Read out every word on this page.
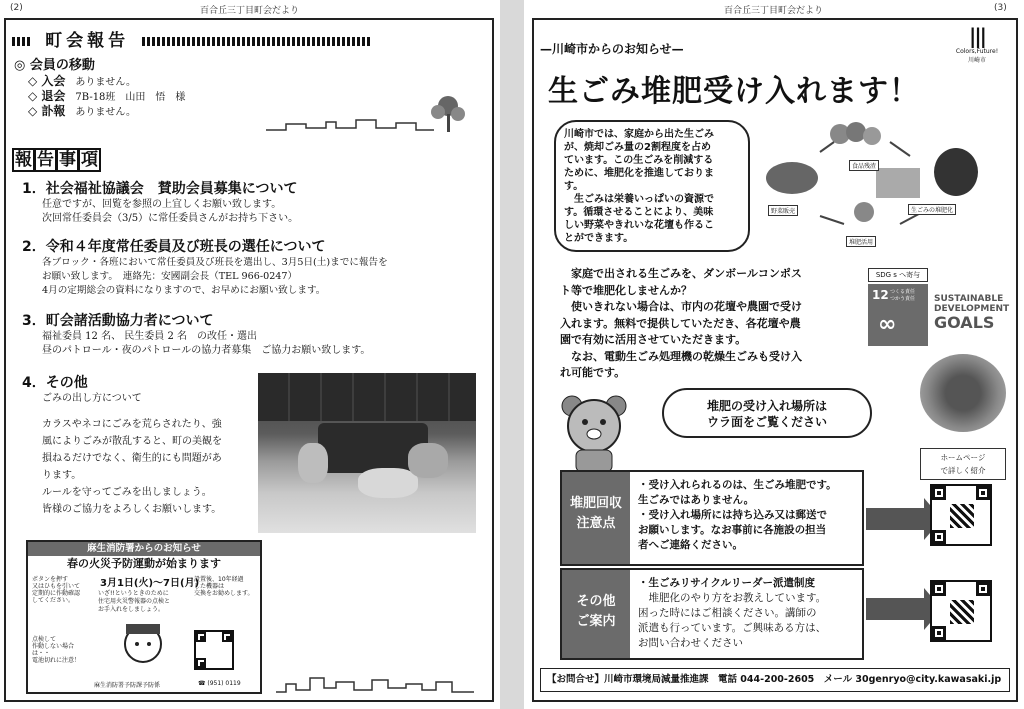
(2)	百合丘三丁目町会だより
町会報告
◎ 会員の移動
◇ 入会　 ありません。
◇ 退会　 7B-18班　山田　悟　様
◇ 訃報　 ありません。
報 告 事 項
1．社会福祉協議会　賛助会員募集について
任意ですが、回覧を参照の上宜しくお願い致します。
次回常任委員会（3/5）に常任委員さんがお持ち下さい。
2．令和４年度常任委員及び班長の選任について
各ブロック・各班において常任委員及び班長を選出し、3月5日(土)までに報告を
お願い致します。　連絡先：安國副会長（TEL 966-0247）
4月の定期総会の資料になりますので、お早めにお願い致します。
3．町会諸活動協力者について
福祉委員 12 名、 民生委員 2 名　の改任・選出
昼のパトロール・夜のパトロールの協力者募集　ご協力お願い致します。
4．その他
ごみの出し方について
カラスやネコにごみを荒らされたり、強
風によりごみが散乱すると、町の美観を
損ねるだけでなく、衛生的にも問題があ
ります。
ルールを守ってごみを出しましょう。
皆様のご協力をよろしくお願いします。
麻生消防署からのお知らせ
春の火災予防運動が始まります
ボタンを押す
又はひもを引いて
定期的に作動確認
してください。
3月1日(火)〜7日(月)
いざ!!というときのために
住宅用火災警報器の点検と
お手入れをしましょう。
設置後、10年経過
した機器は
交換をお勧めします。
点検して
作動しない場合は・・
電池切れに注意！
麻生消防署予防課予防係	☎ (951) 0119
百合丘三丁目町会だより	(3)
|||
Colors,Future!
川崎市
—川崎市からのお知らせ—
生ごみ堆肥受け入れます！
川崎市では、家庭から出た生ごみ
が、焼却ごみ量の2割程度を占め
ています。この生ごみを削減する
ために、堆肥化を推進しておりま
す。
　生ごみは栄養いっぱいの資源で
す。循環させることにより、美味
しい野菜やきれいな花壇も作るこ
とができます。
食品残渣
野菜販売	生ごみの堆肥化
堆肥活用
　家庭で出される生ごみを、ダンボールコンポス
ト等で堆肥化しませんか？
　使いきれない場合は、市内の花壇や農園で受け
入れます。無料で提供していただき、各花壇や農
園で有効に活用させていただきます。
　なお、電動生ごみ処理機の乾燥生ごみも受け入
れ可能です。
SDG s へ寄与
12 つくる責任
つかう責任
∞
SUSTAINABLE
DEVELOPMENT
GOALS
堆肥の受け入れ場所は
ウラ面をご覧ください
ホームページ
で詳しく紹介
堆肥回収
注意点
・受け入れられるのは、生ごみ堆肥です。
生ごみではありません。
・受け入れ場所には持ち込み又は郵送で
お願いします。なお事前に各施設の担当
者へご連絡ください。
その他
ご案内
・生ごみリサイクルリーダー派遣制度
　堆肥化のやり方をお教えしています。
困った時にはご相談ください。講師の
派遣も行っています。ご興味ある方は、
お問い合わせください
【お問合せ】川崎市環境局減量推進課　電話 044-200-2605　メール 30genryo@city.kawasaki.jp
